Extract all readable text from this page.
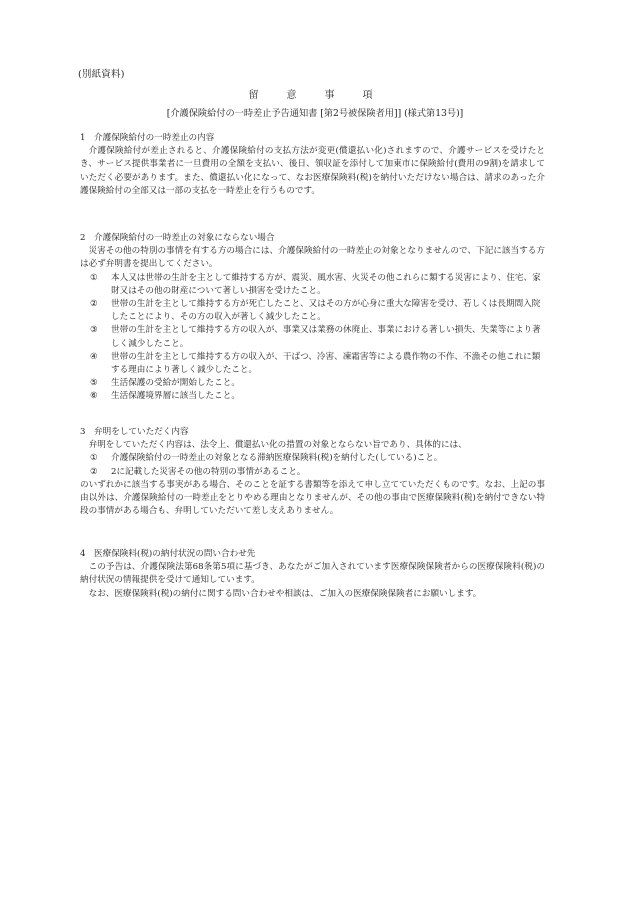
(別紙資料)
留　意　事　項
[介護保険給付の一時差止予告通知書 [第2号被保険者用]] (様式第13号)]

1 介護保険給付の一時差止の内容

介護保険給付が差止されると、介護保険給付の支払方法が変更(償還払い化)されますので、介護サービスを受けたとき、サービス提供事業者に一旦費用の全額を支払い、後日、領収証を添付して加東市に保険給付(費用の9割)を請求していただく必要があります。また、償還払い化になって、なお医療保険料(税)を納付いただけない場合は、請求のあった介護保険給付の全部又は一部の支払を一時差止を行うものです。

2 介護保険給付の一時差止の対象にならない場合

災害その他の特別の事情を有する方の場合には、介護保険給付の一時差止の対象となりませんので、下記に該当する方は必ず弁明書を提出してください。

① 本人又は世帯の生計を主として維持する方が、震災、風水害、火災その他これらに類する災害により、住宅、家財又はその他の財産について著しい損害を受けたこと。
② 世帯の生計を主として維持する方が死亡したこと、又はその方が心身に重大な障害を受け、若しくは長期間入院したことにより、その方の収入が著しく減少したこと。
③ 世帯の生計を主として維持する方の収入が、事業又は業務の休廃止、事業における著しい損失、失業等により著しく減少したこと。
④ 世帯の生計を主として維持する方の収入が、干ばつ、冷害、凍霜害等による農作物の不作、不漁その他これに類する理由により著しく減少したこと。
⑤ 生活保護の受給が開始したこと。
⑥ 生活保護境界層に該当したこと。

3 弁明をしていただく内容

弁明をしていただく内容は、法令上、償還払い化の措置の対象とならない旨であり、具体的には、

① 介護保険給付の一時差止の対象となる滞納医療保険料(税)を納付した(している)こと。
② 2に記載した災害その他の特別の事情があること。

のいずれかに該当する事実がある場合、そのことを証する書類等を添えて申し立てていただくものです。なお、上記の事由以外は、介護保険給付の一時差止をとりやめる理由となりませんが、その他の事由で医療保険料(税)を納付できない特段の事情がある場合も、弁明していただいて差し支えありません。

4 医療保険料(税)の納付状況の問い合わせ先

この予告は、介護保険法第68条第5項に基づき、あなたがご加入されています医療保険保険者からの医療保険料(税)の納付状況の情報提供を受けて通知しています。

なお、医療保険料(税)の納付に関する問い合わせや相談は、ご加入の医療保険保険者にお願いします。
